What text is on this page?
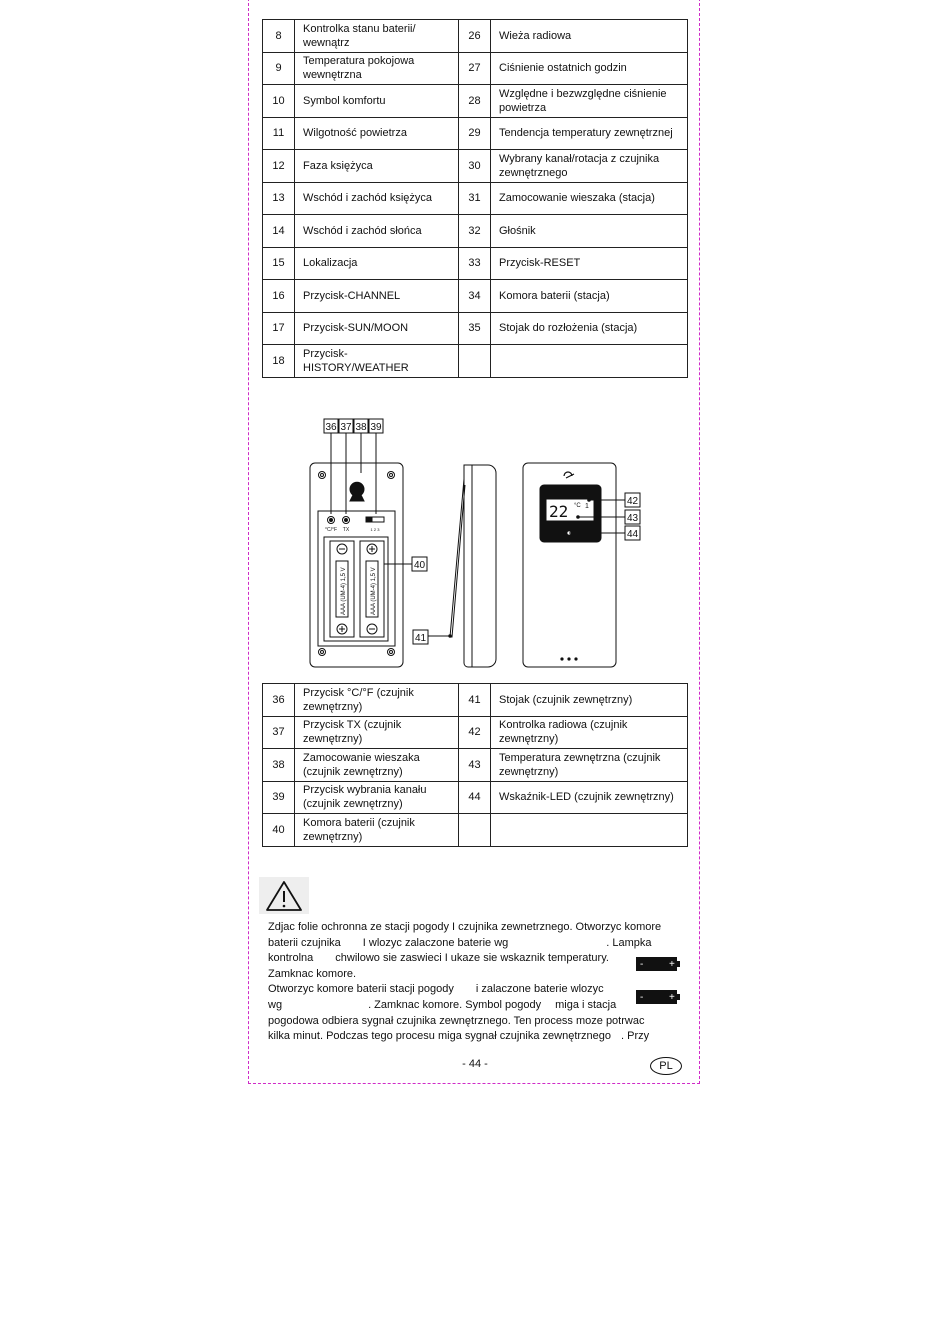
8	Kontrolka stanu baterii/ wewnątrz	26	Wieża radiowa
9	Temperatura pokojowa wewnętrzna	27	Ciśnienie ostatnich godzin
10	Symbol komfortu	28	Względne i bezwzględne ciśnienie powietrza
11	Wilgotność powietrza	29	Tendencja temperatury zewnętrznej
12	Faza księżyca	30	Wybrany kanał/rotacja z czujnika zewnętrznego
13	Wschód i zachód księżyca	31	Zamocowanie wieszaka (stacja)
14	Wschód i zachód słońca	32	Głośnik
15	Lokalizacja	33	Przycisk-RESET
16	Przycisk-CHANNEL	34	Komora baterii (stacja)
17	Przycisk-SUN/MOON	35	Stojak do rozłożenia (stacja)
18	Przycisk-HISTORY/WEATHER		
36 37 38 39
°C/°F TX	1 2 3
AAA (UM-4) 1,5 V	AAA (UM-4) 1,5 V
40
41
22 °C 1	42
43
44
36	Przycisk °C/°F (czujnik zewnętrzny)	41	Stojak (czujnik zewnętrzny)
37	Przycisk TX (czujnik zewnętrzny)	42	Kontrolka radiowa (czujnik zewnętrzny)
38	Zamocowanie wieszaka (czujnik zewnętrzny)	43	Temperatura zewnętrzna (czujnik zewnętrzny)
39	Przycisk wybrania kanału (czujnik zewnętrzny)	44	Wskaźnik-LED (czujnik zewnętrzny)
40	Komora baterii (czujnik zewnętrzny)		

Zdjac folie ochronna ze stacji pogody I czujnika zewnetrznego. Otworzyc komore

baterii czujnika I wlozyc zalaczone baterie wg	. Lampka

kontrolna chwilowo sie zaswieci I ukaze sie wskaznik temperatury.

Zamknac komore.

Otworzyc komore baterii stacji pogody i zalaczone baterie wlozyc

wg	. Zamknac komore. Symbol pogody miga i stacja

pogodowa odbiera sygnał czujnika zewnętrznego. Ten process moze potrwac

kilka minut. Podczas tego procesu miga sygnał czujnika zewnętrznego . Przy

-	+
-	+
- 44 -	PL
